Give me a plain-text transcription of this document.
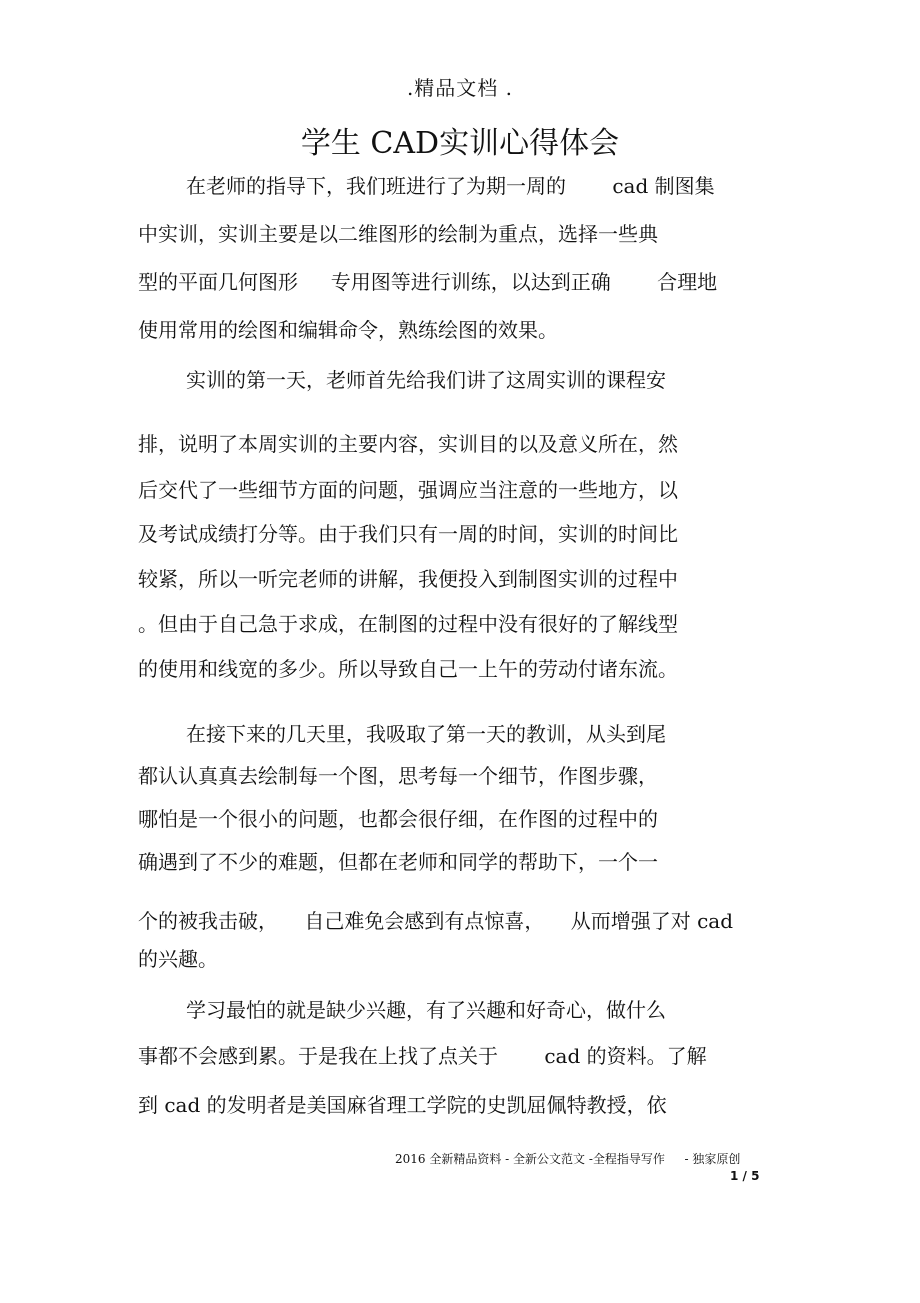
.精品文档 .
学生 CAD实训心得体会
在老师的指导下，我们班进行了为期一周的 　　cad 制图集
中实训，实训主要是以二维图形的绘制为重点，选择一些典
型的平面几何图形 　 专用图等进行训练，以达到正确 　　合理地
使用常用的绘图和编辑命令，熟练绘图的效果。
实训的第一天，老师首先给我们讲了这周实训的课程安
排，说明了本周实训的主要内容，实训目的以及意义所在，然
后交代了一些细节方面的问题，强调应当注意的一些地方，以
及考试成绩打分等。由于我们只有一周的时间，实训的时间比
较紧，所以一听完老师的讲解，我便投入到制图实训的过程中
。但由于自己急于求成，在制图的过程中没有很好的了解线型
的使用和线宽的多少。所以导致自己一上午的劳动付诸东流。
在接下来的几天里，我吸取了第一天的教训，从头到尾
都认认真真去绘制每一个图，思考每一个细节，作图步骤，
哪怕是一个很小的问题，也都会很仔细，在作图的过程中的
确遇到了不少的难题，但都在老师和同学的帮助下，一个一
个的被我击破， 　自己难免会感到有点惊喜， 　从而增强了对 cad
的兴趣。
学习最怕的就是缺少兴趣，有了兴趣和好奇心，做什么
事都不会感到累。于是我在上找了点关于 　　cad 的资料。了解
到 cad 的发明者是美国麻省理工学院的史凯屈佩特教授，依
2016 全新精品资料 - 全新公文范文 -全程指导写作 　 - 独家原创
1 / 5
